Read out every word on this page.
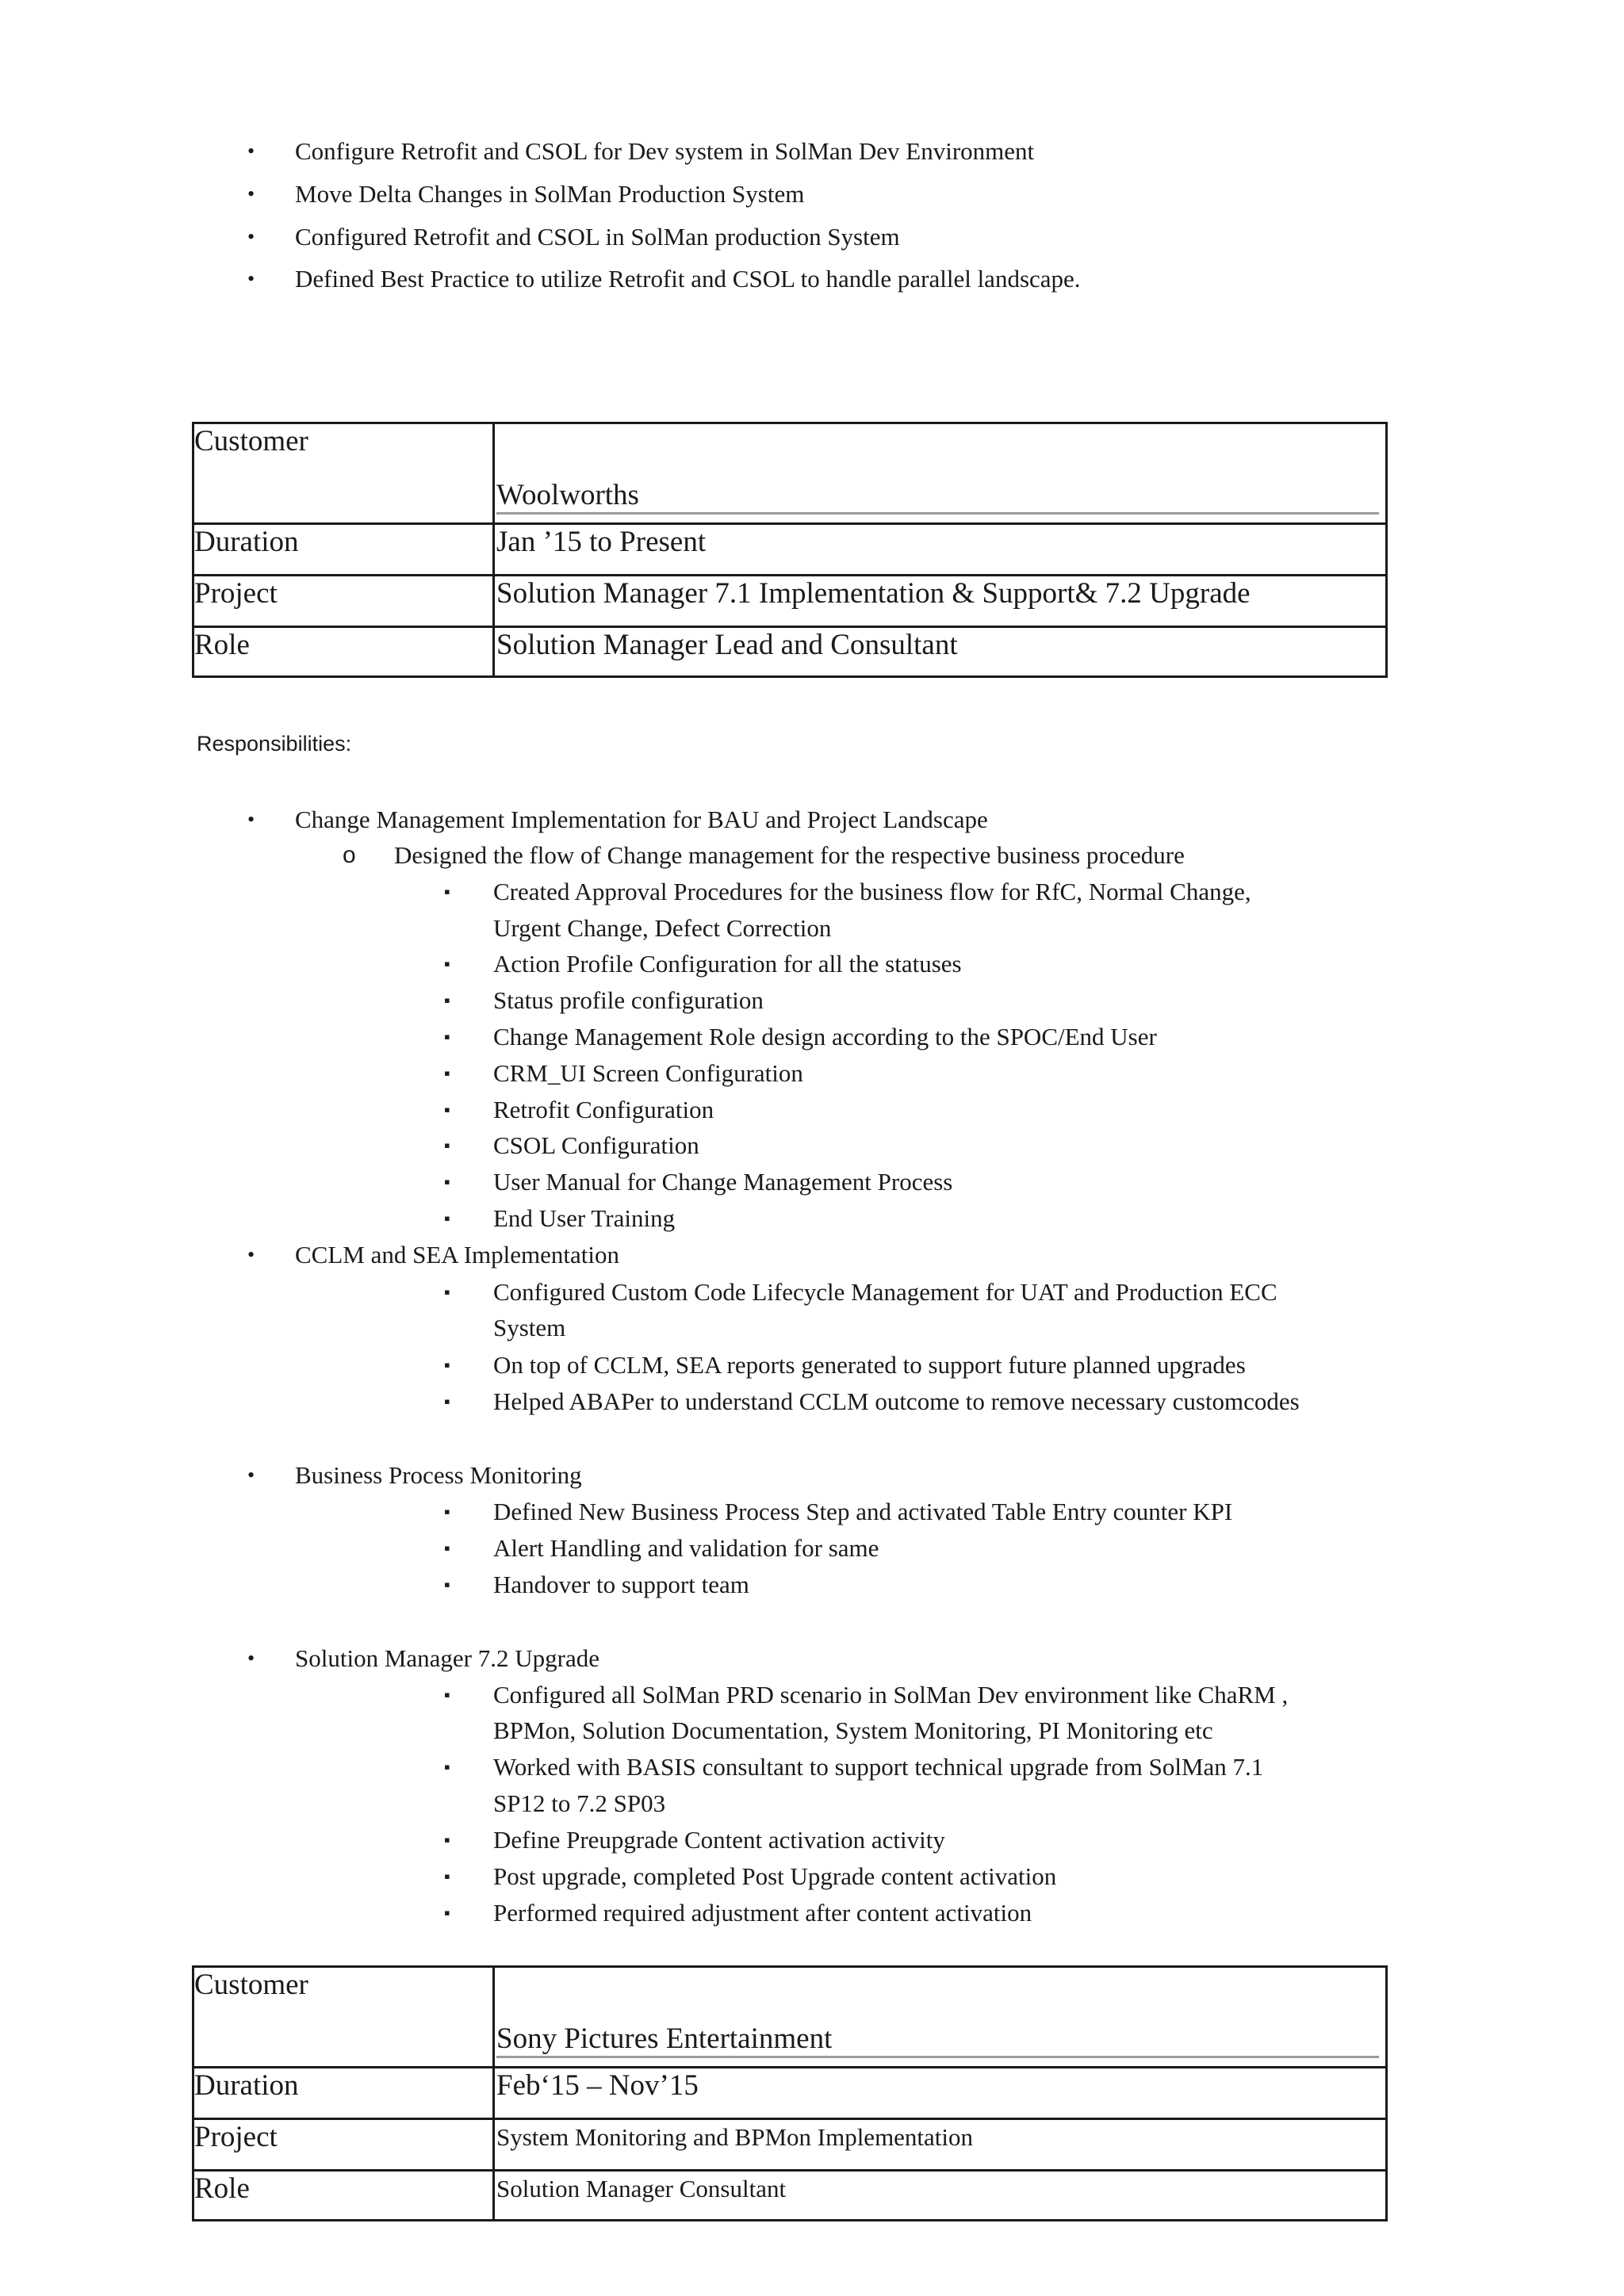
• Configure Retrofit and CSOL for Dev system in SolMan Dev Environment
• Move Delta Changes in SolMan Production System
• Configured Retrofit and CSOL in SolMan production System
• Defined Best Practice to utilize Retrofit and CSOL to handle parallel landscape.
Customer	Woolworths

Duration	Jan ’15 to Present
Project	Solution Manager 7.1 Implementation & Support& 7.2 Upgrade
Role	Solution Manager Lead and Consultant
Responsibilities:
• Change Management Implementation for BAU and Project Landscape
o Designed the flow of Change management for the respective business procedure
▪ Created Approval Procedures for the business flow for RfC, Normal Change,
Urgent Change, Defect Correction
▪ Action Profile Configuration for all the statuses
▪ Status profile configuration
▪ Change Management Role design according to the SPOC/End User
▪ CRM_UI Screen Configuration
▪ Retrofit Configuration
▪ CSOL Configuration
▪ User Manual for Change Management Process
▪ End User Training
• CCLM and SEA Implementation
▪ Configured Custom Code Lifecycle Management for UAT and Production ECC
System
▪ On top of CCLM, SEA reports generated to support future planned upgrades
▪ Helped ABAPer to understand CCLM outcome to remove necessary customcodes
• Business Process Monitoring
▪ Defined New Business Process Step and activated Table Entry counter KPI
▪ Alert Handling and validation for same
▪ Handover to support team
• Solution Manager 7.2 Upgrade
▪ Configured all SolMan PRD scenario in SolMan Dev environment like ChaRM ,
BPMon, Solution Documentation, System Monitoring, PI Monitoring etc
▪ Worked with BASIS consultant to support technical upgrade from SolMan 7.1
SP12 to 7.2 SP03
▪ Define Preupgrade Content activation activity
▪ Post upgrade, completed Post Upgrade content activation
▪ Performed required adjustment after content activation
Customer	Sony Pictures Entertainment

Duration	Feb‘15 – Nov’15
Project	System Monitoring and BPMon Implementation
Role	Solution Manager Consultant
